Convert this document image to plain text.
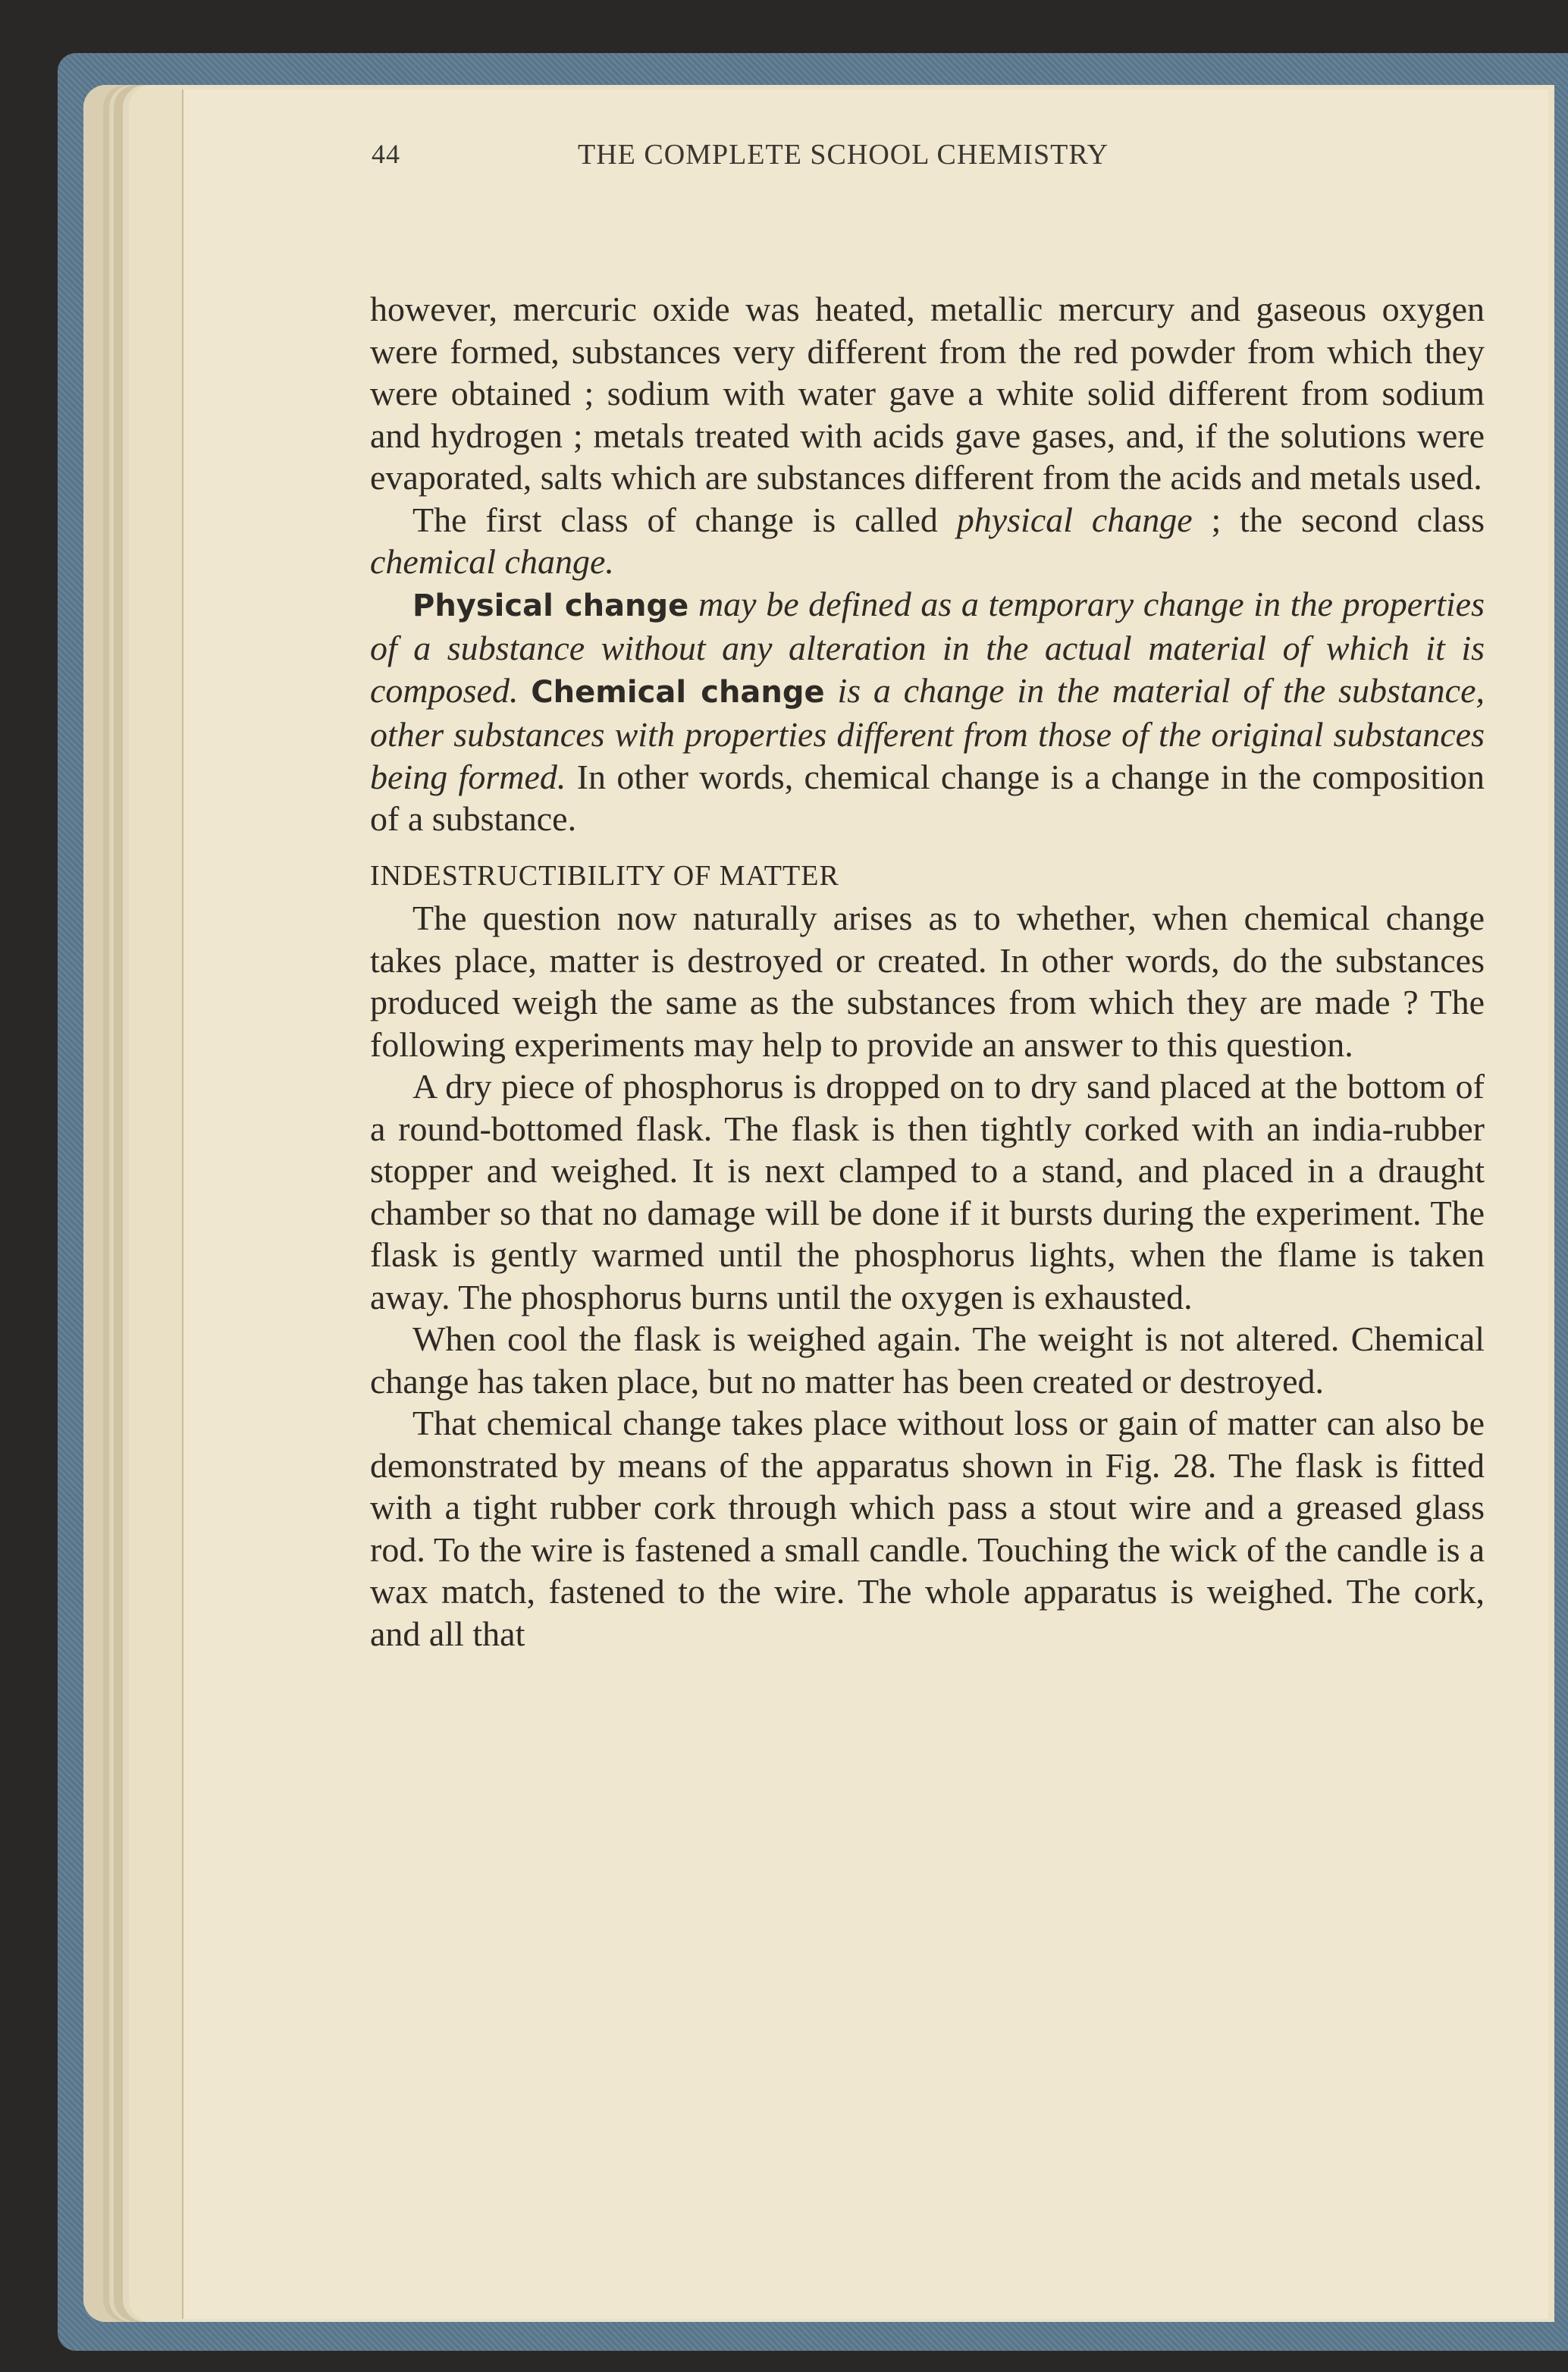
44	THE COMPLETE SCHOOL CHEMISTRY

however, mercuric oxide was heated, metallic mercury and gaseous oxygen were formed, substances very different from the red powder from which they were obtained ; sodium with water gave a white solid different from sodium and hydrogen ; metals treated with acids gave gases, and, if the solutions were evaporated, salts which are substances different from the acids and metals used.

The first class of change is called physical change ; the second class chemical change.

Physical change may be defined as a temporary change in the properties of a substance without any alteration in the actual material of which it is composed. Chemical change is a change in the material of the substance, other substances with properties different from those of the original substances being formed. In other words, chemical change is a change in the composition of a substance.

INDESTRUCTIBILITY OF MATTER

The question now naturally arises as to whether, when chemical change takes place, matter is destroyed or created. In other words, do the substances produced weigh the same as the substances from which they are made ? The following experiments may help to provide an answer to this question.

A dry piece of phosphorus is dropped on to dry sand placed at the bottom of a round-bottomed flask. The flask is then tightly corked with an india-rubber stopper and weighed. It is next clamped to a stand, and placed in a draught chamber so that no damage will be done if it bursts during the experiment. The flask is gently warmed until the phosphorus lights, when the flame is taken away. The phosphorus burns until the oxygen is exhausted.

When cool the flask is weighed again. The weight is not altered. Chemical change has taken place, but no matter has been created or destroyed.

That chemical change takes place without loss or gain of matter can also be demonstrated by means of the apparatus shown in Fig. 28. The flask is fitted with a tight rubber cork through which pass a stout wire and a greased glass rod. To the wire is fastened a small candle. Touching the wick of the candle is a wax match, fastened to the wire. The whole apparatus is weighed. The cork, and all that
